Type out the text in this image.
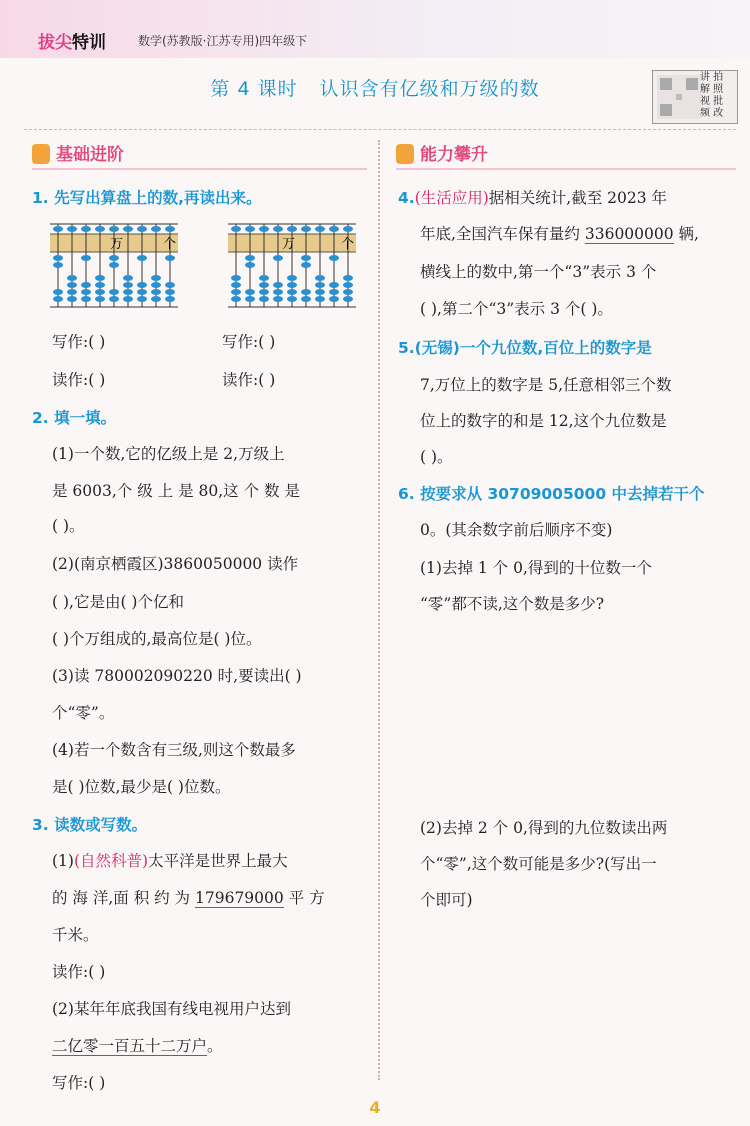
拔尖特训	数学(苏教版·江苏专用)四年级下
第 4 课时 认识含有亿级和万级的数
讲 拍
解 照
视 批
频 改
基础进阶	能力攀升
1. 先写出算盘上的数,再读出来。
万	个	万	个
写作:( )	写作:( )
读作:( )	读作:( )
2. 填一填。
(1)一个数,它的亿级上是 2,万级上
是 6003,个 级 上 是 80,这 个 数 是
( )。
(2)(南京栖霞区)3860050000 读作
( ),它是由( )个亿和
( )个万组成的,最高位是( )位。
(3)读 780002090220 时,要读出( )
个“零”。
(4)若一个数含有三级,则这个数最多
是( )位数,最少是( )位数。
3. 读数或写数。
(1)(自然科普)太平洋是世界上最大
的 海 洋,面 积 约 为 179679000 平 方
千米。
读作:( )
(2)某年年底我国有线电视用户达到
二亿零一百五十二万户。
写作:( )
4.(生活应用)据相关统计,截至 2023 年
年底,全国汽车保有量约 336000000 辆,
横线上的数中,第一个“3”表示 3 个
( ),第二个“3”表示 3 个( )。
5.(无锡)一个九位数,百位上的数字是
7,万位上的数字是 5,任意相邻三个数
位上的数字的和是 12,这个九位数是
( )。
6. 按要求从 30709005000 中去掉若干个
0。(其余数字前后顺序不变)
(1)去掉 1 个 0,得到的十位数一个
“零”都不读,这个数是多少?
(2)去掉 2 个 0,得到的九位数读出两
个“零”,这个数可能是多少?(写出一
个即可)
4
